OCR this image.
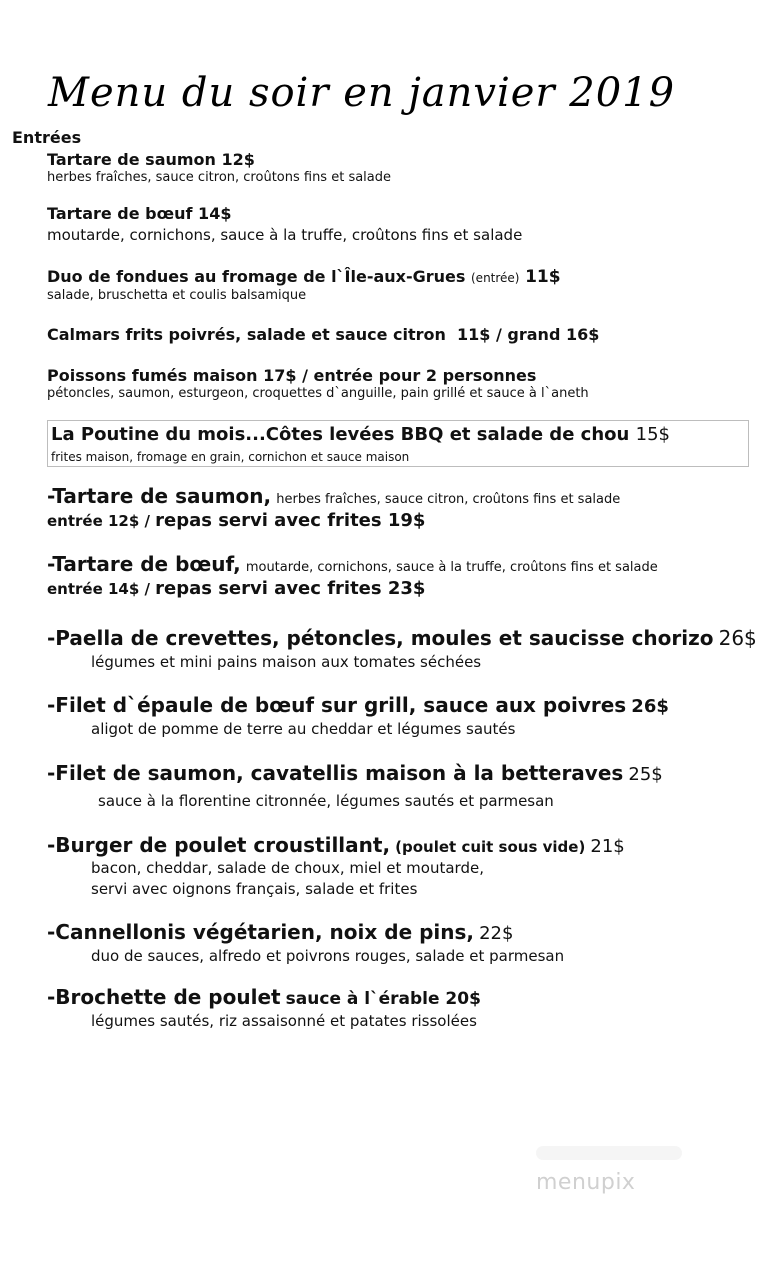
Menu du soir en janvier 2019
Entrées
Tartare de saumon 12$
herbes fraîches, sauce citron, croûtons fins et salade
Tartare de bœuf 14$
moutarde, cornichons, sauce à la truffe, croûtons fins et salade
Duo de fondues au fromage de l`Île-aux-Grues (entrée) 11$
salade, bruschetta et coulis balsamique
Calmars frits poivrés, salade et sauce citron  11$ / grand 16$
Poissons fumés maison 17$ / entrée pour 2 personnes
pétoncles, saumon, esturgeon, croquettes d`anguille, pain grillé et sauce à l`aneth
La Poutine du mois...Côtes levées BBQ et salade de chou 15$
frites maison, fromage en grain, cornichon et sauce maison
-Tartare de saumon, herbes fraîches, sauce citron, croûtons fins et salade
entrée 12$ / repas servi avec frites 19$
-Tartare de bœuf, moutarde, cornichons, sauce à la truffe, croûtons fins et salade
entrée 14$ / repas servi avec frites 23$
-Paella de crevettes, pétoncles, moules et saucisse chorizo 26$
légumes et mini pains maison aux tomates séchées
-Filet d`épaule de bœuf sur grill, sauce aux poivres 26$
aligot de pomme de terre au cheddar et légumes sautés
-Filet de saumon, cavatellis maison à la betteraves 25$
sauce à la florentine citronnée, légumes sautés et parmesan
-Burger de poulet croustillant, (poulet cuit sous vide) 21$
bacon, cheddar, salade de choux, miel et moutarde,
servi avec oignons français, salade et frites
-Cannellonis végétarien, noix de pins, 22$
duo de sauces, alfredo et poivrons rouges, salade et parmesan
-Brochette de poulet sauce à l`érable 20$
légumes sautés, riz assaisonné et patates rissolées
menupix
